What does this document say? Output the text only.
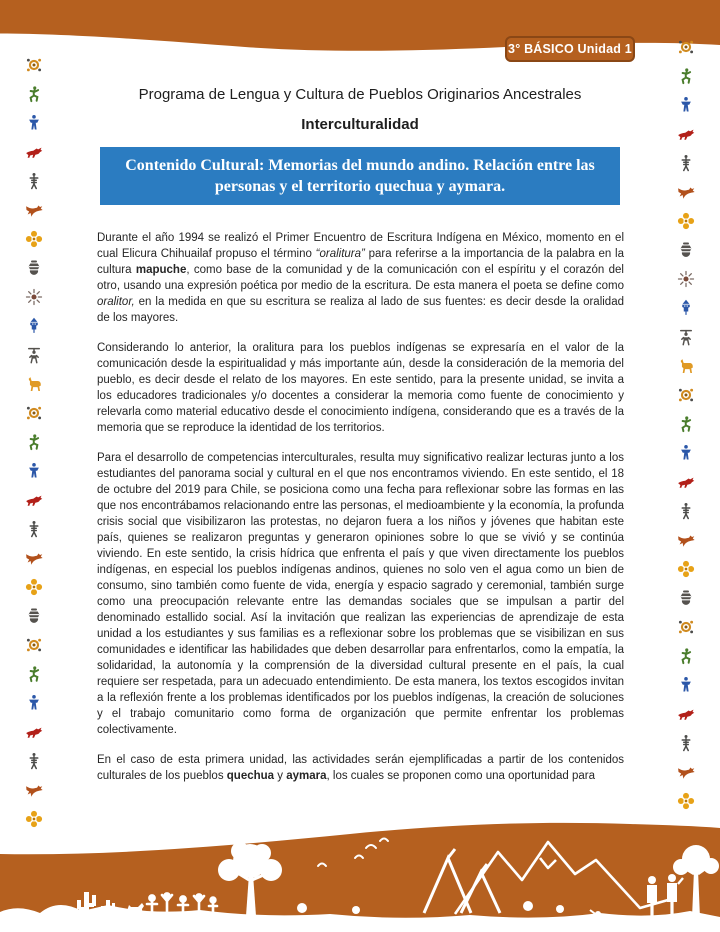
3° BÁSICO Unidad 1
Programa de Lengua y Cultura de Pueblos Originarios Ancestrales
Interculturalidad
Contenido Cultural: Memorias del mundo andino. Relación entre las personas y el territorio quechua y aymara.

Durante el año 1994 se realizó el Primer Encuentro de Escritura Indígena en México, momento en el cual Elicura Chihuailaf propuso el término “oralitura” para referirse a la importancia de la palabra en la cultura mapuche, como base de la comunidad y de la comunicación con el espíritu y el corazón del otro, usando una expresión poética por medio de la escritura. De esta manera el poeta se define como oralitor, en la medida en que su escritura se realiza al lado de sus fuentes: es decir desde la oralidad de los mayores.

Considerando lo anterior, la oralitura para los pueblos indígenas se expresaría en el valor de la comunicación desde la espiritualidad y más importante aún, desde la consideración de la memoria del pueblo, es decir desde el relato de los mayores. En este sentido, para la presente unidad, se invita a los educadores tradicionales y/o docentes a considerar la memoria como fuente de conocimiento y relevarla como material educativo desde el conocimiento indígena, considerando que es a través de la memoria que se reproduce la identidad de los territorios.

Para el desarrollo de competencias interculturales, resulta muy significativo realizar lecturas junto a los estudiantes del panorama social y cultural en el que nos encontramos viviendo. En este sentido, el 18 de octubre del 2019 para Chile, se posiciona como una fecha para reflexionar sobre las formas en las que nos encontrábamos relacionando entre las personas, el medioambiente y la economía, la profunda crisis social que visibilizaron las protestas, no dejaron fuera a los niños y jóvenes que habitan este país, quienes se realizaron preguntas y generaron opiniones sobre lo que se vivió y se continúa viviendo. En este sentido, la crisis hídrica que enfrenta el país y que viven directamente los pueblos indígenas, en especial los pueblos indígenas andinos, quienes no solo ven el agua como un bien de consumo, sino también como fuente de vida, energía y espacio sagrado y ceremonial, también surge como una preocupación relevante entre las demandas sociales que se impulsan a partir del denominado estallido social. Así la invitación que realizan las experiencias de aprendizaje de esta unidad a los estudiantes y sus familias es a reflexionar sobre los problemas que se visibilizan en sus comunidades e identificar las habilidades que deben desarrollar para enfrentarlos, como la empatía, la solidaridad, la autonomía y la comprensión de la diversidad cultural presente en el país, la cual requiere ser respetada, para un adecuado entendimiento. De esta manera, los textos escogidos invitan a la reflexión frente a los problemas identificados por los pueblos indígenas, la creación de soluciones y el trabajo comunitario como forma de organización que permite enfrentar los problemas colectivamente.

En el caso de esta primera unidad, las actividades serán ejemplificadas a partir de los contenidos culturales de los pueblos quechua y aymara, los cuales se proponen como una oportunidad para
